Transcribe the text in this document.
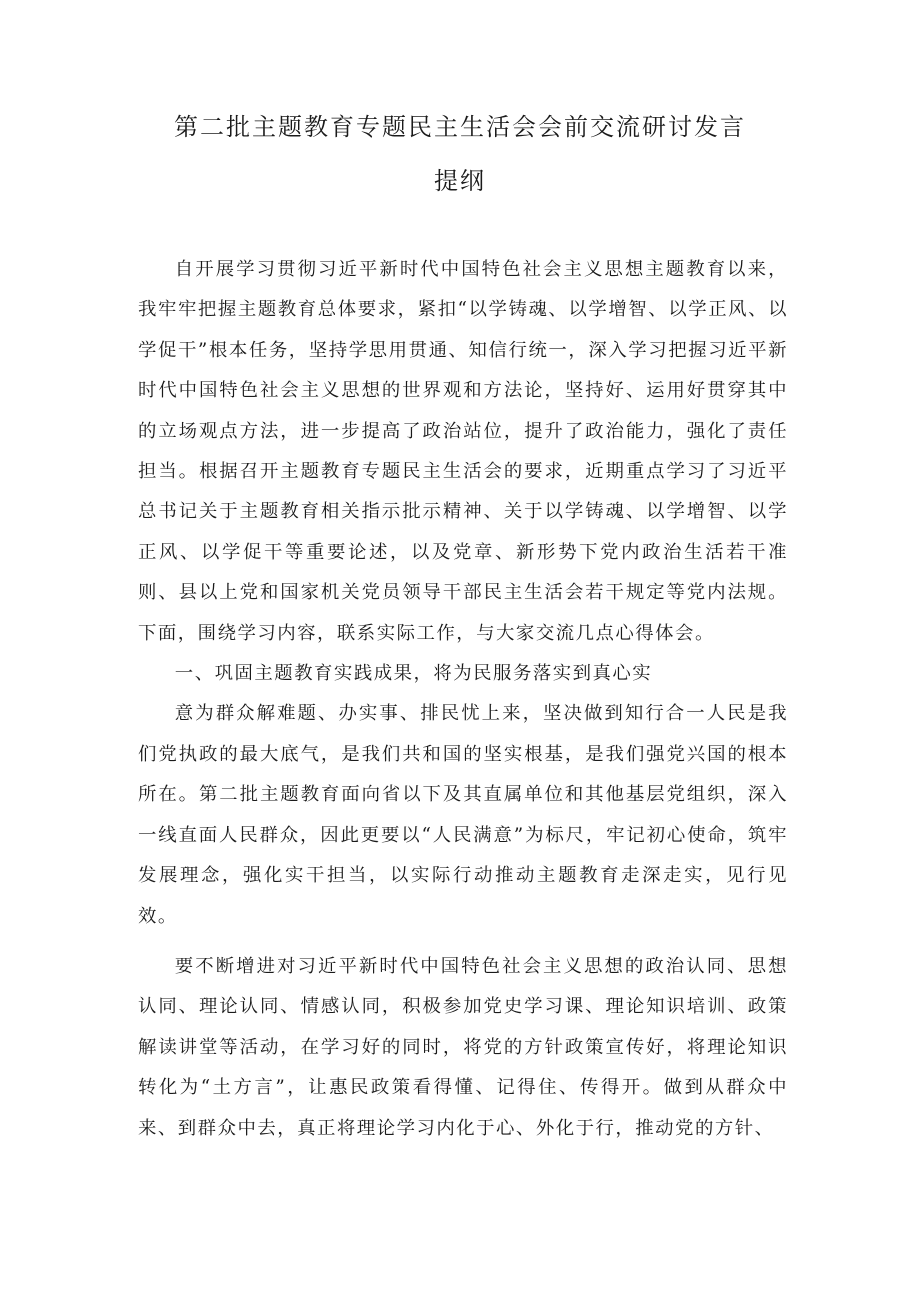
第二批主题教育专题民主生活会会前交流研讨发言
提纲

自开展学习贯彻习近平新时代中国特色社会主义思想主题教育以来，我牢牢把握主题教育总体要求，紧扣“以学铸魂、以学增智、以学正风、以学促干”根本任务，坚持学思用贯通、知信行统一，深入学习把握习近平新时代中国特色社会主义思想的世界观和方法论，坚持好、运用好贯穿其中的立场观点方法，进一步提高了政治站位，提升了政治能力，强化了责任担当。根据召开主题教育专题民主生活会的要求，近期重点学习了习近平总书记关于主题教育相关指示批示精神、关于以学铸魂、以学增智、以学正风、以学促干等重要论述，以及党章、新形势下党内政治生活若干准则、县以上党和国家机关党员领导干部民主生活会若干规定等党内法规。下面，围绕学习内容，联系实际工作，与大家交流几点心得体会。

一、巩固主题教育实践成果，将为民服务落实到真心实

意为群众解难题、办实事、排民忧上来，坚决做到知行合一人民是我们党执政的最大底气，是我们共和国的坚实根基，是我们强党兴国的根本所在。第二批主题教育面向省以下及其直属单位和其他基层党组织，深入一线直面人民群众，因此更要以“人民满意”为标尺，牢记初心使命，筑牢发展理念，强化实干担当，以实际行动推动主题教育走深走实，见行见效。

要不断增进对习近平新时代中国特色社会主义思想的政治认同、思想认同、理论认同、情感认同，积极参加党史学习课、理论知识培训、政策解读讲堂等活动，在学习好的同时，将党的方针政策宣传好，将理论知识转化为“土方言”，让惠民政策看得懂、记得住、传得开。做到从群众中来、到群众中去，真正将理论学习内化于心、外化于行，推动党的方针、
